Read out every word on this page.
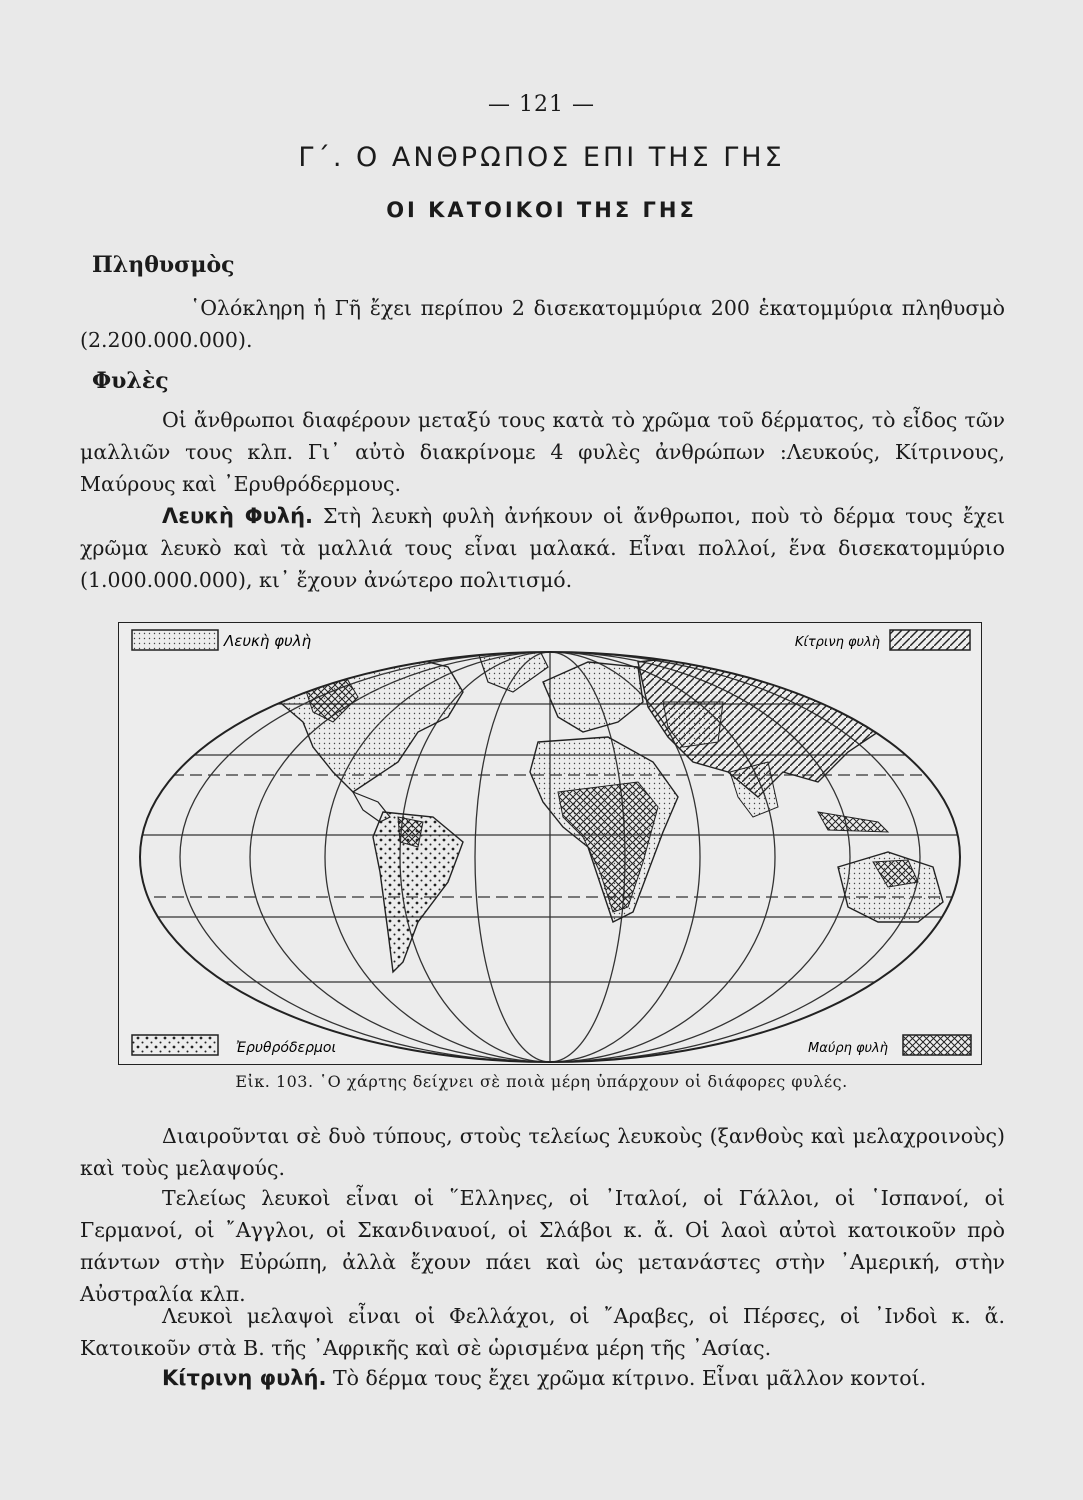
— 121 —
Γ΄. Ο ΑΝΘΡΩΠΟΣ ΕΠΙ ΤΗΣ ΓΗΣ
ΟΙ ΚΑΤΟΙΚΟΙ ΤΗΣ ΓΗΣ
Πληθυσμὸς

῾Ολόκληρη ἡ Γῆ ἔχει περίπου 2 δισεκατομμύρια 200 ἑκατομμύρια πληθυσμὸ (2.200.000.000).

Φυλὲς

Οἱ ἄνθρωποι διαφέρουν μεταξύ τους κατὰ τὸ χρῶμα τοῦ δέρματος, τὸ εἶδος τῶν μαλλιῶν τους κλπ. Γι᾿ αὐτὸ διακρίνομε 4 φυλὲς ἀνθρώπων :Λευκούς, Κίτρινους, Μαύρους καὶ ᾿Ερυθρόδερμους.

Λευκὴ Φυλή. Στὴ λευκὴ φυλὴ ἀνήκουν οἱ ἄνθρωποι, ποὺ τὸ δέρμα τους ἔχει χρῶμα λευκὸ καὶ τὰ μαλλιά τους εἶναι μαλακά. Εἶναι πολλοί, ἕνα δισεκατομμύριο (1.000.000.000), κι᾿ ἔχουν ἀνώτερο πολιτισμό.

Λευκὴ φυλὴ	Κίτρινη φυλὴ
Ἐρυθρόδερμοι	Μαύρη φυλὴ
Εἰκ. 103. ῾Ο χάρτης δείχνει σὲ ποιὰ μέρη ὑπάρχουν οἱ διάφορες φυλές.

Διαιροῦνται σὲ δυὸ τύπους, στοὺς τελείως λευκοὺς (ξανθοὺς καὶ μελαχροινοὺς) καὶ τοὺς μελαψούς.

Τελείως λευκοὶ εἶναι οἱ ῞Ελληνες, οἱ ᾿Ιταλοί, οἱ Γάλλοι, οἱ ῾Ισπανοί, οἱ Γερμανοί, οἱ ῎Αγγλοι, οἱ Σκανδιναυοί, οἱ Σλάβοι κ. ἄ. Οἱ λαοὶ αὐτοὶ κατοικοῦν πρὸ πάντων στὴν Εὐρώπη, ἀλλὰ ἔχουν πάει καὶ ὡς μετανάστες στὴν ᾿Αμερική, στὴν Αὐστραλία κλπ.

Λευκοὶ μελαψοὶ εἶναι οἱ Φελλάχοι, οἱ ῎Αραβες, οἱ Πέρσες, οἱ ᾿Ινδοὶ κ. ἄ. Κατοικοῦν στὰ Β. τῆς ᾿Αφρικῆς καὶ σὲ ὡρισμένα μέρη τῆς ᾿Ασίας.

Κίτρινη φυλή. Τὸ δέρμα τους ἔχει χρῶμα κίτρινο. Εἶναι μᾶλλον κοντοί.
